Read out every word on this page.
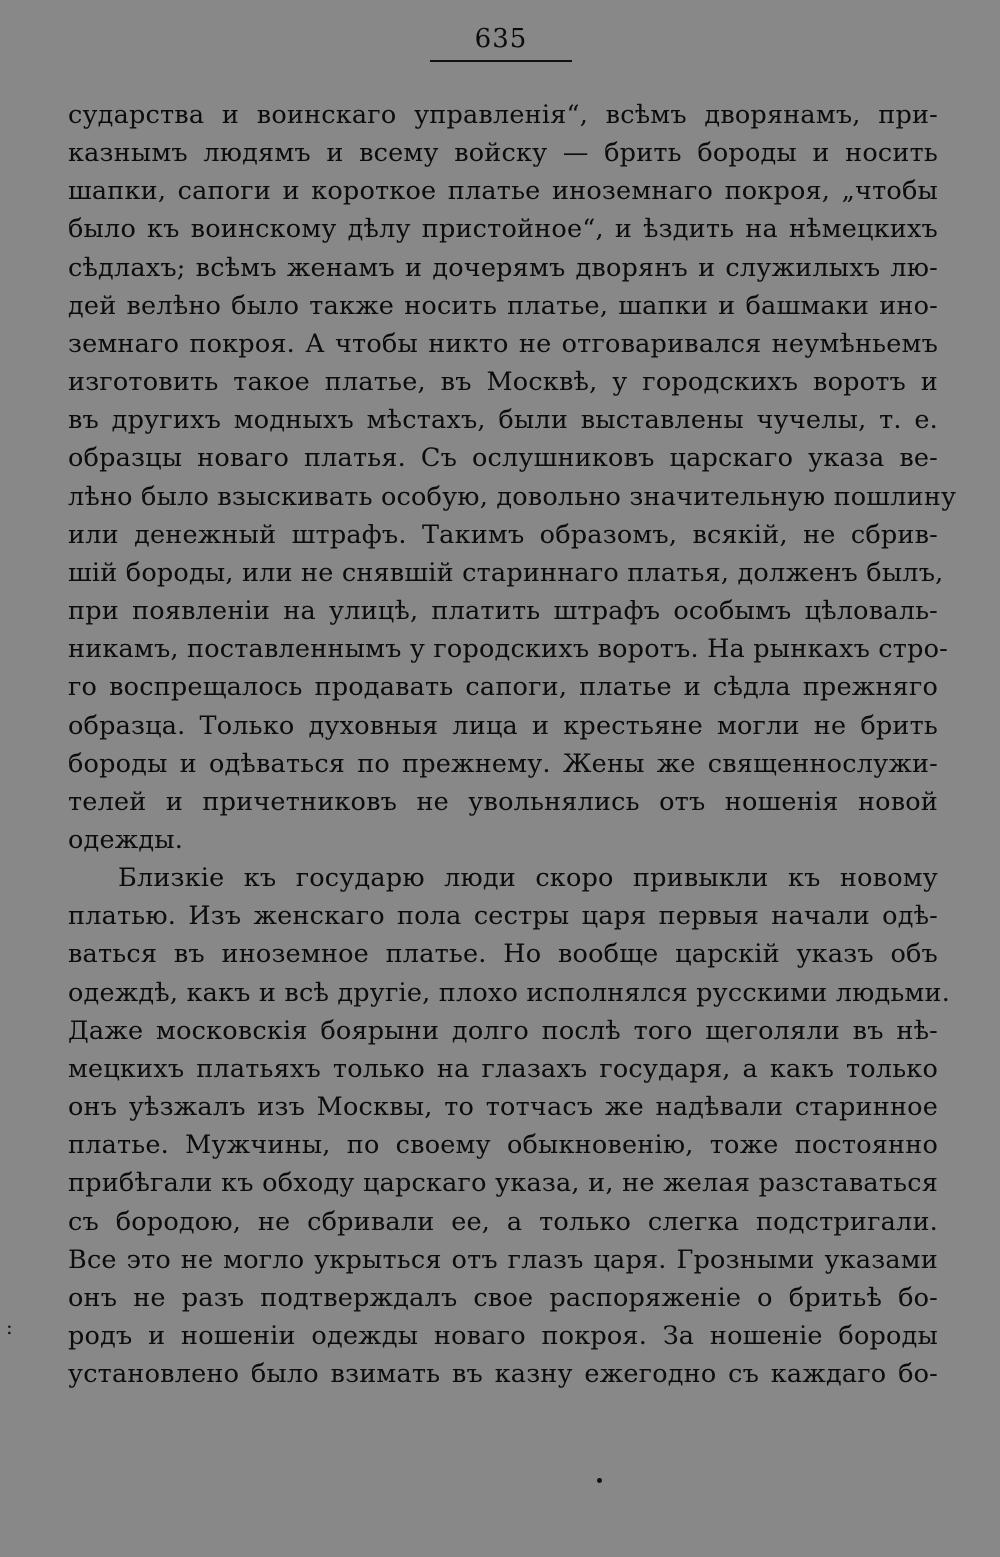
635
сударства и воинскаго управленія“, всѣмъ дворянамъ, при-
казнымъ людямъ и всему войску — брить бороды и носить
шапки, сапоги и короткое платье иноземнаго покроя, „чтобы
было къ воинскому дѣлу пристойное“, и ѣздить на нѣмецкихъ
сѣдлахъ; всѣмъ женамъ и дочерямъ дворянъ и служилыхъ лю-
дей велѣно было также носить платье, шапки и башмаки ино-
земнаго покроя. А чтобы никто не отговаривался неумѣньемъ
изготовить такое платье, въ Москвѣ, у городскихъ воротъ и
въ другихъ модныхъ мѣстахъ, были выставлены чучелы, т. е.
образцы новаго платья. Съ ослушниковъ царскаго указа ве-
лѣно было взыскивать особую, довольно значительную пошлину
или денежный штрафъ. Такимъ образомъ, всякій, не сбрив-
шій бороды, или не снявшій стариннаго платья, долженъ былъ,
при появленіи на улицѣ, платить штрафъ особымъ цѣловаль-
никамъ, поставленнымъ у городскихъ воротъ. На рынкахъ стро-
го воспрещалось продавать сапоги, платье и сѣдла прежняго
образца. Только духовныя лица и крестьяне могли не брить
бороды и одѣваться по прежнему. Жены же священнослужи-
телей и причетниковъ не увольнялись отъ ношенія новой
одежды.
Близкіе къ государю люди скоро привыкли къ новому
платью. Изъ женскаго пола сестры царя первыя начали одѣ-
ваться въ иноземное платье. Но вообще царскій указъ объ
одеждѣ, какъ и всѣ другіе, плохо исполнялся русскими людьми.
Даже московскія боярыни долго послѣ того щеголяли въ нѣ-
мецкихъ платьяхъ только на глазахъ государя, а какъ только
онъ уѣзжалъ изъ Москвы, то тотчасъ же надѣвали старинное
платье. Мужчины, по своему обыкновенію, тоже постоянно
прибѣгали къ обходу царскаго указа, и, не желая разставаться
съ бородою, не сбривали ее, а только слегка подстригали.
Все это не могло укрыться отъ глазъ царя. Грозными указами
онъ не разъ подтверждалъ свое распоряженіе о бритьѣ бо-
родъ и ношеніи одежды новаго покроя. За ношеніе бороды
установлено было взимать въ казну ежегодно съ каждаго бо-
:
